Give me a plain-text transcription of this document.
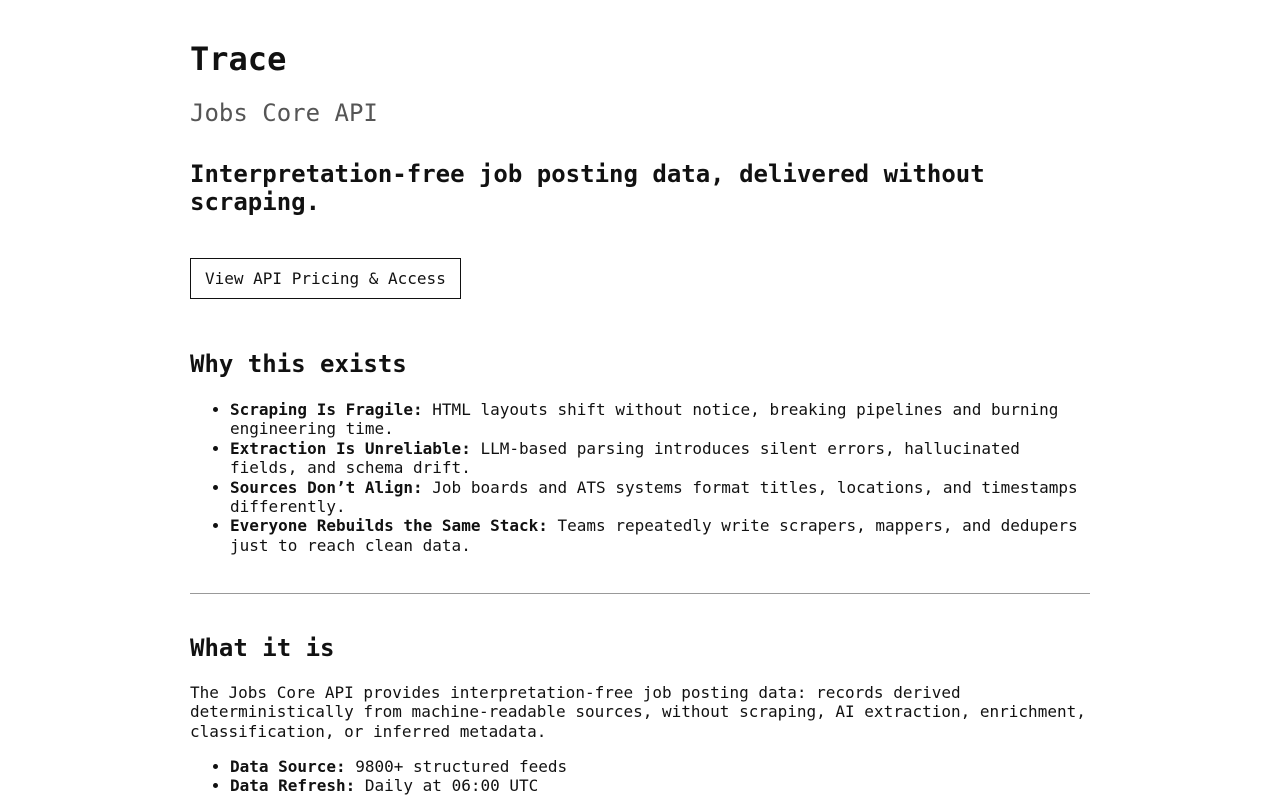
Trace

Jobs Core API

Interpretation-free job posting data, delivered without scraping.

View API Pricing & Access
Why this exists
• Scraping Is Fragile: HTML layouts shift without notice, breaking pipelines and burning engineering time.
• Extraction Is Unreliable: LLM-based parsing introduces silent errors, hallucinated fields, and schema drift.
• Sources Don’t Align: Job boards and ATS systems format titles, locations, and timestamps differently.
• Everyone Rebuilds the Same Stack: Teams repeatedly write scrapers, mappers, and dedupers just to reach clean data.
What it is

The Jobs Core API provides interpretation-free job posting data: records derived deterministically from machine-readable sources, without scraping, AI extraction, enrichment, classification, or inferred metadata.

• Data Source: 9800+ structured feeds
• Data Refresh: Daily at 06:00 UTC
